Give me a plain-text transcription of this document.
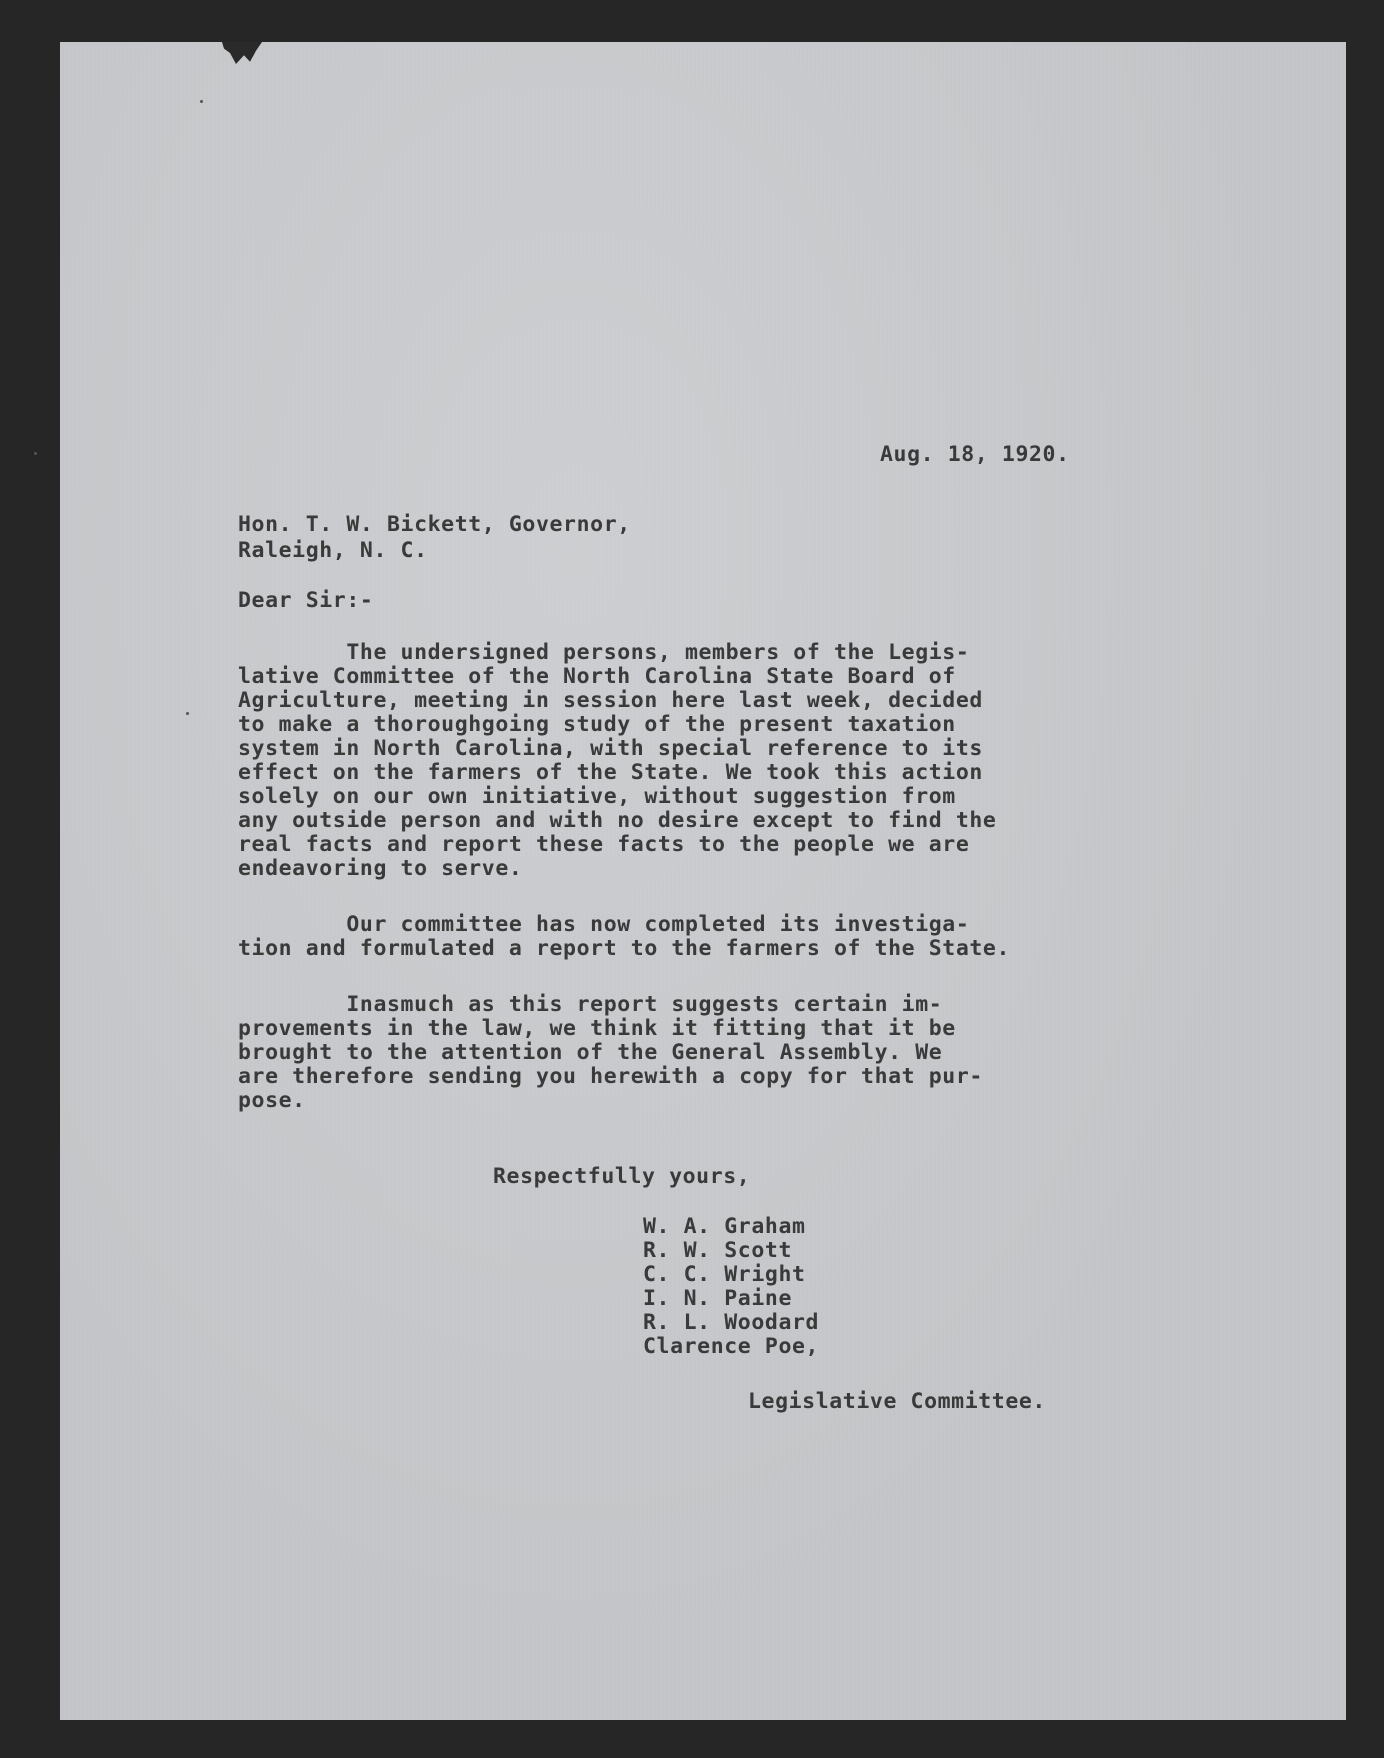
Aug. 18, 1920.
Hon. T. W. Bickett, Governor,
Raleigh, N. C.
Dear Sir:-
The undersigned persons, members of the Legis-
lative Committee of the North Carolina State Board of
Agriculture, meeting in session here last week, decided
to make a thoroughgoing study of the present taxation
system in North Carolina, with special reference to its
effect on the farmers of the State. We took this action
solely on our own initiative, without suggestion from
any outside person and with no desire except to find the
real facts and report these facts to the people we are
endeavoring to serve.
Our committee has now completed its investiga-
tion and formulated a report to the farmers of the State.
Inasmuch as this report suggests certain im-
provements in the law, we think it fitting that it be
brought to the attention of the General Assembly. We
are therefore sending you herewith a copy for that pur-
pose.
Respectfully yours,
W. A. Graham
R. W. Scott
C. C. Wright
I. N. Paine
R. L. Woodard
Clarence Poe,
Legislative Committee.
